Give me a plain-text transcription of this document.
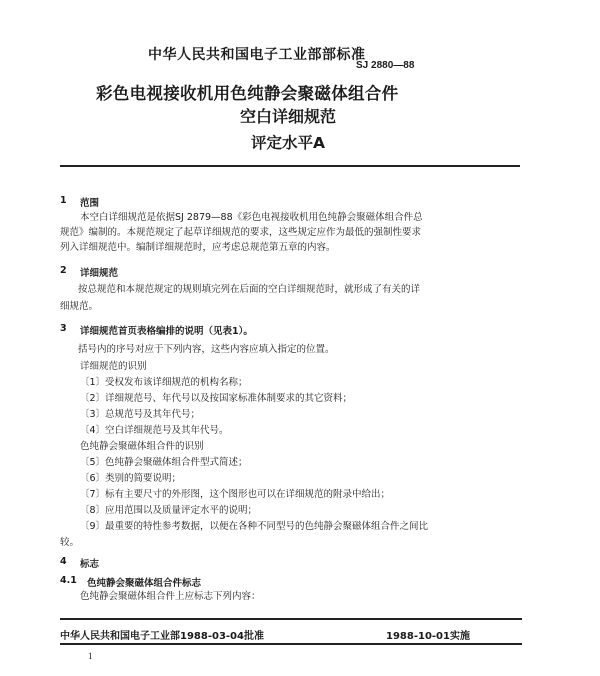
中华人民共和国电子工业部部标准
SJ 2880—88
彩色电视接收机用色纯静会聚磁体组合件
空白详细规范
评定水平A
1 范围
本空白详细规范是依据SJ 2879—88《彩色电视接收机用色纯静会聚磁体组合件总
规范》编制的。本规范规定了起草详细规范的要求，这些规定应作为最低的强制性要求
列入详细规范中。编制详细规范时，应考虑总规范第五章的内容。
2 详细规范
按总规范和本规范规定的规则填完列在后面的空白详细规范时，就形成了有关的详
细规范。
3 详细规范首页表格编排的说明（见表1）。
括号内的序号对应于下列内容，这些内容应填入指定的位置。
详细规范的识别
〔1〕受权发布该详细规范的机构名称；
〔2〕详细规范号、年代号以及按国家标准体制要求的其它资料；
〔3〕总规范号及其年代号；
〔4〕空白详细规范号及其年代号。
色纯静会聚磁体组合件的识别
〔5〕色纯静会聚磁体组合件型式简述；
〔6〕类别的简要说明；
〔7〕标有主要尺寸的外形图，这个图形也可以在详细规范的附录中给出；
〔8〕应用范围以及质量评定水平的说明；
〔9〕最重要的特性参考数据，以便在各种不同型号的色纯静会聚磁体组合件之间比
较。
4 标志
4.1 色纯静会聚磁体组合件标志
色纯静会聚磁体组合件上应标志下列内容：
中华人民共和国电子工业部1988-03-04批准	1988-10-01实施
1
